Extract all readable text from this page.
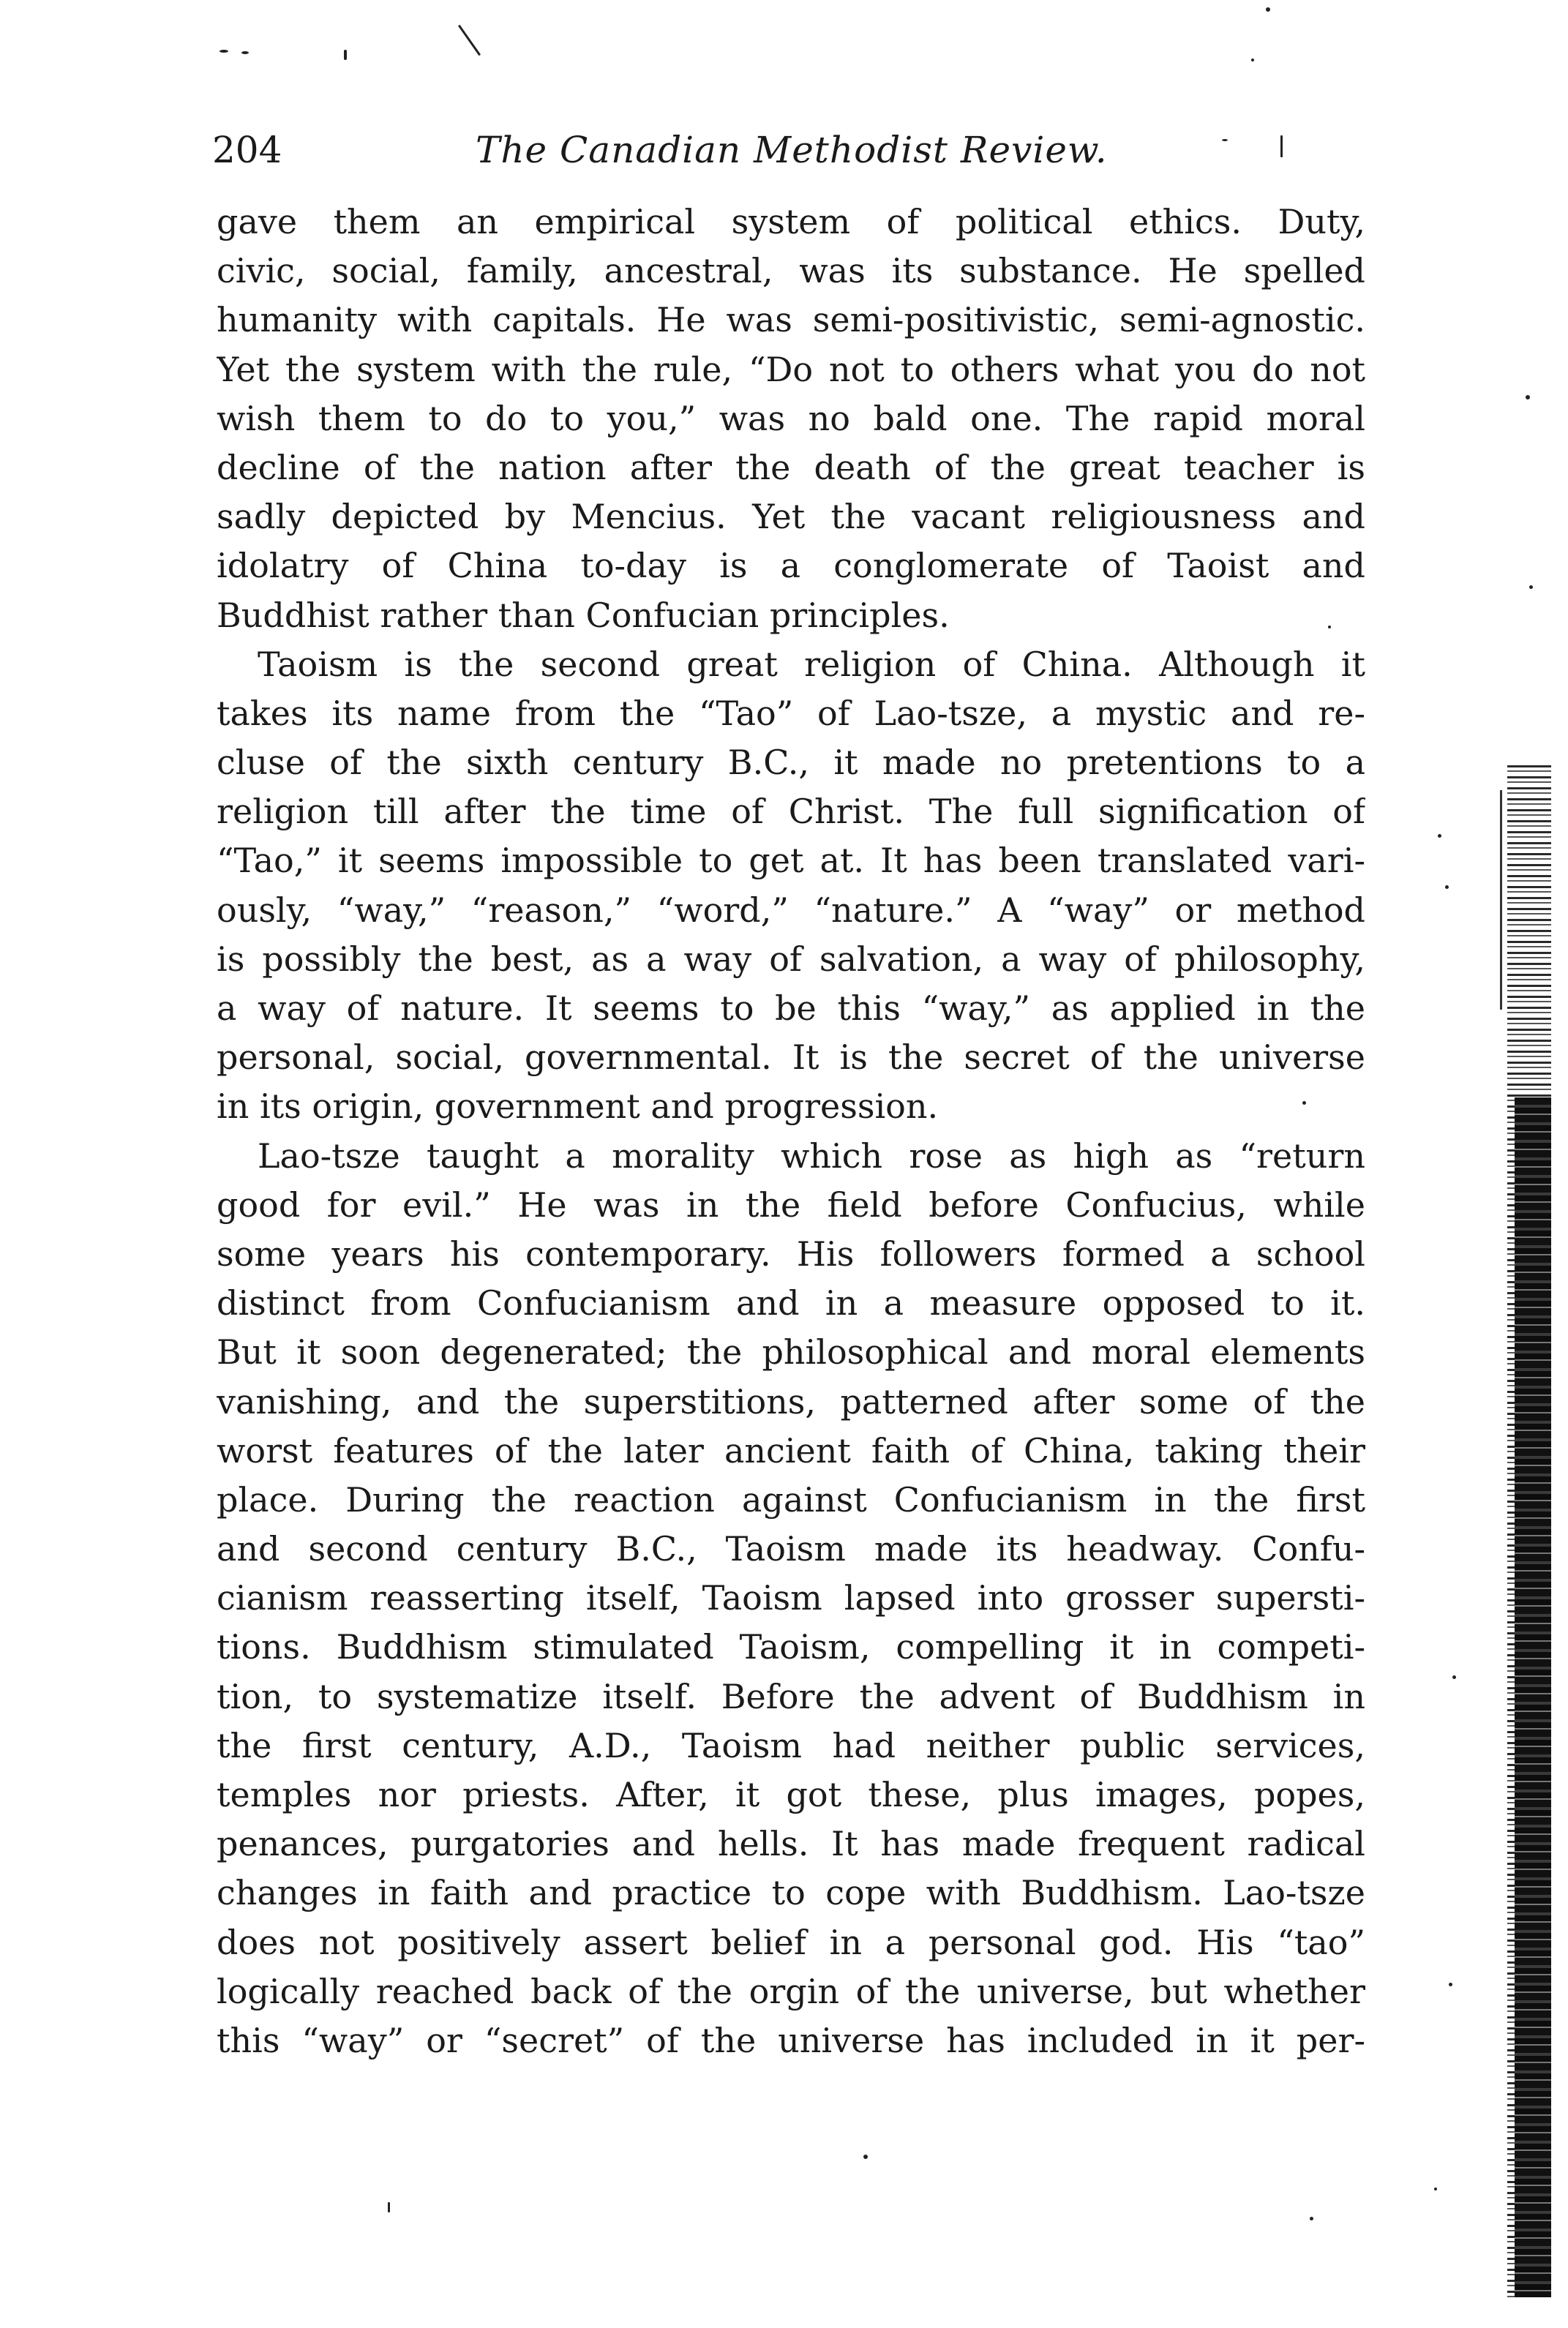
204	The Canadian Methodist Review.
gave them an empirical system of political ethics. Duty,
civic, social, family, ancestral, was its substance. He spelled
humanity with capitals. He was semi-positivistic, semi-agnostic.
Yet the system with the rule, “Do not to others what you do not
wish them to do to you,” was no bald one. The rapid moral
decline of the nation after the death of the great teacher is
sadly depicted by Mencius. Yet the vacant religiousness and
idolatry of China to-day is a conglomerate of Taoist and
Buddhist rather than Confucian principles.
Taoism is the second great religion of China. Although it
takes its name from the “Tao” of Lao-tsze, a mystic and re-
cluse of the sixth century B.C., it made no pretentions to a
religion till after the time of Christ. The full signification of
“Tao,” it seems impossible to get at. It has been translated vari-
ously, “way,” “reason,” “word,” “nature.” A “way” or method
is possibly the best, as a way of salvation, a way of philosophy,
a way of nature. It seems to be this “way,” as applied in the
personal, social, governmental. It is the secret of the universe
in its origin, government and progression.
Lao-tsze taught a morality which rose as high as “return
good for evil.” He was in the field before Confucius, while
some years his contemporary. His followers formed a school
distinct from Confucianism and in a measure opposed to it.
But it soon degenerated; the philosophical and moral elements
vanishing, and the superstitions, patterned after some of the
worst features of the later ancient faith of China, taking their
place. During the reaction against Confucianism in the first
and second century B.C., Taoism made its headway. Confu-
cianism reasserting itself, Taoism lapsed into grosser supersti-
tions. Buddhism stimulated Taoism, compelling it in competi-
tion, to systematize itself. Before the advent of Buddhism in
the first century, A.D., Taoism had neither public services,
temples nor priests. After, it got these, plus images, popes,
penances, purgatories and hells. It has made frequent radical
changes in faith and practice to cope with Buddhism. Lao-tsze
does not positively assert belief in a personal god. His “tao”
logically reached back of the orgin of the universe, but whether
this “way” or “secret” of the universe has included in it per-
